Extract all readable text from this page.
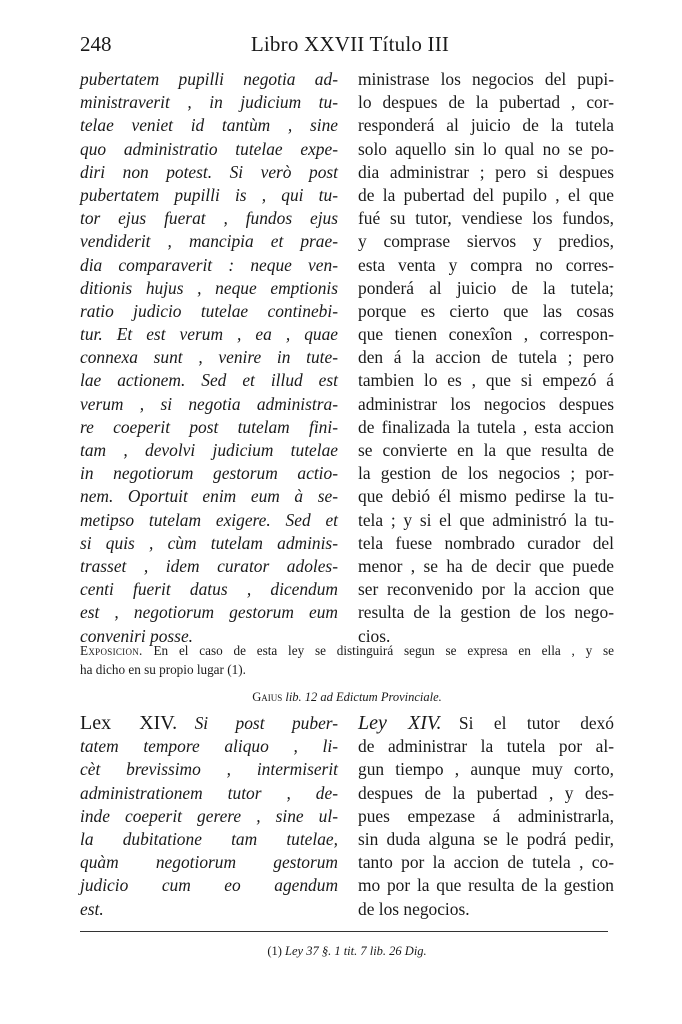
248	Libro XXVII Título III
pubertatem pupilli negotia ad-
ministraverit , in judicium tu-
telae veniet id tantùm , sine
quo administratio tutelae expe-
diri non potest. Si verò post
pubertatem pupilli is , qui tu-
tor ejus fuerat , fundos ejus
vendiderit , mancipia et prae-
dia comparaverit : neque ven-
ditionis hujus , neque emptionis
ratio judicio tutelae continebi-
tur. Et est verum , ea , quae
connexa sunt , venire in tute-
lae actionem. Sed et illud est
verum , si negotia administra-
re coeperit post tutelam fini-
tam , devolvi judicium tutelae
in negotiorum gestorum actio-
nem. Oportuit enim eum à se-
metipso tutelam exigere. Sed et
si quis , cùm tutelam adminis-
trasset , idem curator adoles-
centi fuerit datus , dicendum
est , negotiorum gestorum eum
conveniri posse.
ministrase los negocios del pupi-
lo despues de la pubertad , cor-
responderá al juicio de la tutela
solo aquello sin lo qual no se po-
dia administrar ; pero si despues
de la pubertad del pupilo , el que
fué su tutor, vendiese los fundos,
y comprase siervos y predios,
esta venta y compra no corres-
ponderá al juicio de la tutela;
porque es cierto que las cosas
que tienen conexîon , correspon-
den á la accion de tutela ; pero
tambien lo es , que si empezó á
administrar los negocios despues
de finalizada la tutela , esta accion
se convierte en la que resulta de
la gestion de los negocios ; por-
que debió él mismo pedirse la tu-
tela ; y si el que administró la tu-
tela fuese nombrado curador del
menor , se ha de decir que puede
ser reconvenido por la accion que
resulta de la gestion de los nego-
cios.
Exposicion. En el caso de esta ley se distinguirá segun se expresa en ella , y se
ha dicho en su propio lugar (1).
Gaius lib. 12 ad Edictum Provinciale.
Lex XIV.  Si post puber-
tatem tempore aliquo , li-
cèt brevissimo , intermiserit
administrationem tutor , de-
inde coeperit gerere , sine ul-
la dubitatione tam tutelae,
quàm negotiorum gestorum
judicio cum eo agendum
est.
Ley XIV.  Si el tutor dexó
de administrar la tutela por al-
gun tiempo , aunque muy corto,
despues de la pubertad , y des-
pues empezase á administrarla,
sin duda alguna se le podrá pedir,
tanto por la accion de tutela , co-
mo por la que resulta de la gestion
de los negocios.
(1) Ley 37 §. 1 tit. 7 lib. 26 Dig.
